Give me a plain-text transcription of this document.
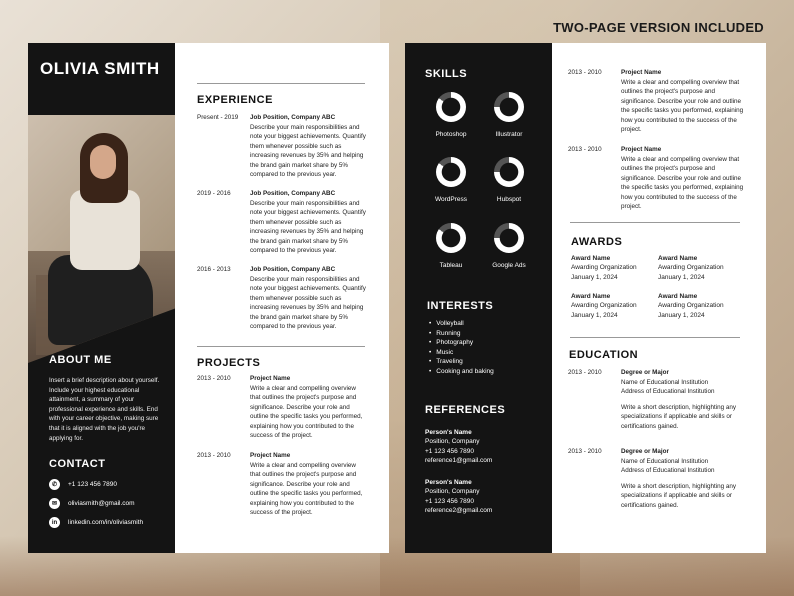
TWO-PAGE VERSION INCLUDED
OLIVIA SMITH
ABOUT ME
Insert a brief description about yourself. Include your highest educational attainment, a summary of your professional experience and skills. End with your career objective, making sure that it is aligned with the job you're applying for.
CONTACT
✆	+1 123 456 7890
✉	oliviasmith@gmail.com
in	linkedin.com/in/oliviasmith
EXPERIENCE
Present - 2019	Job Position, Company ABC
Describe your main responsibilities and note your biggest achievements. Quantify them whenever possible such as increasing revenues by 35% and helping the brand gain market share by 5% compared to the previous year.
2019 - 2016	Job Position, Company ABC
Describe your main responsibilities and note your biggest achievements. Quantify them whenever possible such as increasing revenues by 35% and helping the brand gain market share by 5% compared to the previous year.
2016 - 2013	Job Position, Company ABC
Describe your main responsibilities and note your biggest achievements. Quantify them whenever possible such as increasing revenues by 35% and helping the brand gain market share by 5% compared to the previous year.
PROJECTS
2013 - 2010	Project Name
Write a clear and compelling overview that outlines the project's purpose and significance. Describe your role and outline the specific tasks you performed, explaining how you contributed to the success of the project.
2013 - 2010	Project Name
Write a clear and compelling overview that outlines the project's purpose and significance. Describe your role and outline the specific tasks you performed, explaining how you contributed to the success of the project.
SKILLS
Photoshop	Illustrator
WordPress	Hubspot
Tableau	Google Ads
INTERESTS
• Volleyball
• Running
• Photography
• Music
• Traveling
• Cooking and baking
REFERENCES
Person's Name
Position, Company
+1 123 456 7890
reference1@gmail.com
Person's Name
Position, Company
+1 123 456 7890
reference2@gmail.com
2013 - 2010	Project Name
Write a clear and compelling overview that outlines the project's purpose and significance. Describe your role and outline the specific tasks you performed, explaining how you contributed to the success of the project.
2013 - 2010	Project Name
Write a clear and compelling overview that outlines the project's purpose and significance. Describe your role and outline the specific tasks you performed, explaining how you contributed to the success of the project.
AWARDS
Award Name
Awarding Organization
January 1, 2024
Award Name
Awarding Organization
January 1, 2024
Award Name
Awarding Organization
January 1, 2024
Award Name
Awarding Organization
January 1, 2024
EDUCATION
2013 - 2010	Degree or Major
Name of Educational Institution
Address of Educational Institution
Write a short description, highlighting any specializations if applicable and skills or certifications gained.
2013 - 2010	Degree or Major
Name of Educational Institution
Address of Educational Institution
Write a short description, highlighting any specializations if applicable and skills or certifications gained.
